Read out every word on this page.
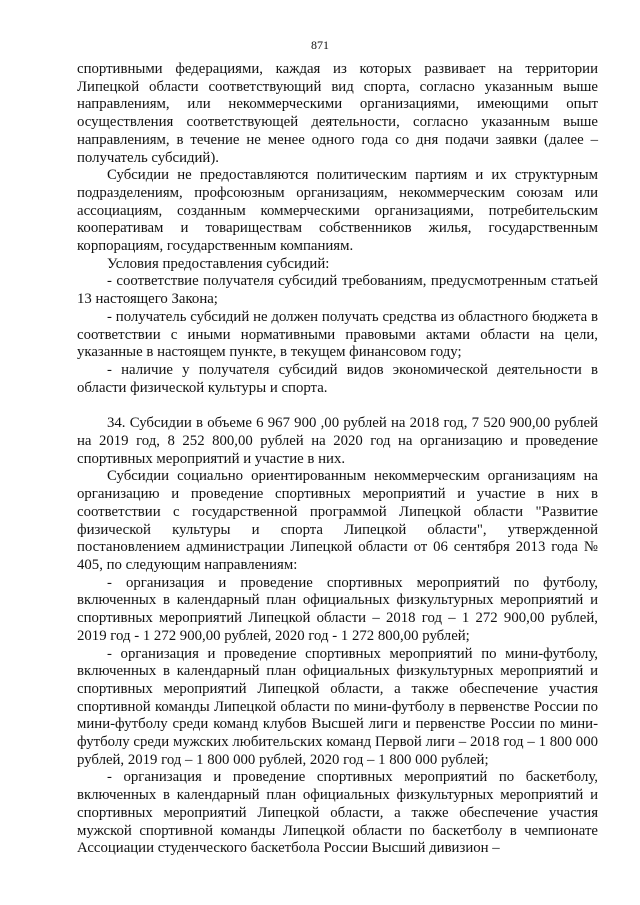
871

спортивными федерациями, каждая из которых развивает на территории Липецкой области соответствующий вид спорта, согласно указанным выше направлениям, или некоммерческими организациями, имеющими опыт осуществления соответствующей деятельности, согласно указанным выше направлениям, в течение не менее одного года со дня подачи заявки (далее – получатель субсидий).

Субсидии не предоставляются политическим партиям и их структурным подразделениям, профсоюзным организациям, некоммерческим союзам или ассоциациям, созданным коммерческими организациями, потребительским кооперативам и товариществам собственников жилья, государственным корпорациям, государственным компаниям.

Условия предоставления субсидий:

- соответствие получателя субсидий требованиям, предусмотренным статьей 13 настоящего Закона;

- получатель субсидий не должен получать средства из областного бюджета в соответствии с иными нормативными правовыми актами области на цели, указанные в настоящем пункте, в текущем финансовом году;

- наличие у получателя субсидий видов экономической деятельности в области физической культуры и спорта.

34. Субсидии в объеме 6 967 900 ,00 рублей на 2018 год, 7 520 900,00 рублей на 2019 год, 8 252 800,00 рублей на 2020 год на организацию и проведение спортивных мероприятий и участие в них.

Субсидии социально ориентированным некоммерческим организациям на организацию и проведение спортивных мероприятий и участие в них в соответствии с государственной программой Липецкой области "Развитие физической культуры и спорта Липецкой области", утвержденной постановлением администрации Липецкой области от 06 сентября 2013 года № 405, по следующим направлениям:

- организация и проведение спортивных мероприятий по футболу, включенных в календарный план официальных физкультурных мероприятий и спортивных мероприятий Липецкой области – 2018 год – 1 272 900,00 рублей, 2019 год - 1 272 900,00 рублей, 2020 год - 1 272 800,00 рублей;

- организация и проведение спортивных мероприятий по мини-футболу, включенных в календарный план официальных физкультурных мероприятий и спортивных мероприятий Липецкой области, а также обеспечение участия спортивной команды Липецкой области по мини-футболу в первенстве России по мини-футболу среди команд клубов Высшей лиги и первенстве России по мини-футболу среди мужских любительских команд Первой лиги – 2018 год – 1 800 000 рублей, 2019 год – 1 800 000 рублей, 2020 год – 1 800 000 рублей;

- организация и проведение спортивных мероприятий по баскетболу, включенных в календарный план официальных физкультурных мероприятий и спортивных мероприятий Липецкой области, а также обеспечение участия мужской спортивной команды Липецкой области по баскетболу в чемпионате Ассоциации студенческого баскетбола России Высший дивизион –
